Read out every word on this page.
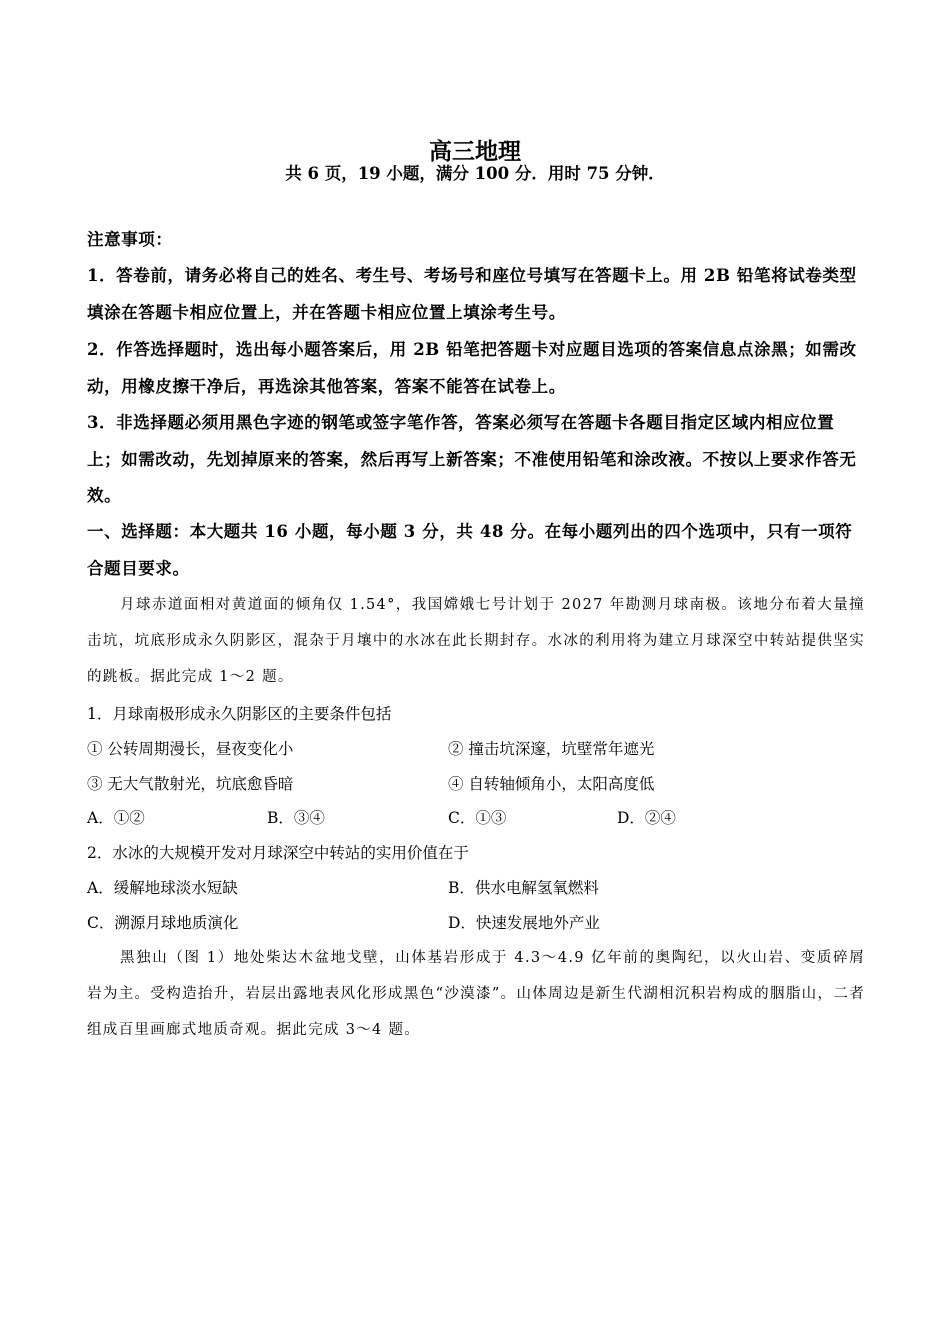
高三地理
共 6 页，19 小题，满分 100 分．用时 75 分钟．
注意事项：
1．答卷前，请务必将自己的姓名、考生号、考场号和座位号填写在答题卡上。用 2B 铅笔将试卷类型填涂在答题卡相应位置上，并在答题卡相应位置上填涂考生号。
2．作答选择题时，选出每小题答案后，用 2B 铅笔把答题卡对应题目选项的答案信息点涂黑；如需改动，用橡皮擦干净后，再选涂其他答案，答案不能答在试卷上。
3．非选择题必须用黑色字迹的钢笔或签字笔作答，答案必须写在答题卡各题目指定区域内相应位置上；如需改动，先划掉原来的答案，然后再写上新答案；不准使用铅笔和涂改液。不按以上要求作答无效。
一、选择题：本大题共 16 小题，每小题 3 分，共 48 分。在每小题列出的四个选项中，只有一项符合题目要求。
月球赤道面相对黄道面的倾角仅 1.54°，我国嫦娥七号计划于 2027 年勘测月球南极。该地分布着大量撞击坑，坑底形成永久阴影区，混杂于月壤中的水冰在此长期封存。水冰的利用将为建立月球深空中转站提供坚实的跳板。据此完成 1～2 题。
1．月球南极形成永久阴影区的主要条件包括
① 公转周期漫长，昼夜变化小	② 撞击坑深邃，坑壁常年遮光
③ 无大气散射光，坑底愈昏暗	④ 自转轴倾角小，太阳高度低
A．①②	B．③④	C．①③	D．②④
2．水冰的大规模开发对月球深空中转站的实用价值在于
A．缓解地球淡水短缺	B．供水电解氢氧燃料
C．溯源月球地质演化	D．快速发展地外产业
黑独山（图 1）地处柴达木盆地戈壁，山体基岩形成于 4.3～4.9 亿年前的奥陶纪，以火山岩、变质碎屑岩为主。受构造抬升，岩层出露地表风化形成黑色“沙漠漆”。山体周边是新生代湖相沉积岩构成的胭脂山，二者组成百里画廊式地质奇观。据此完成 3～4 题。
